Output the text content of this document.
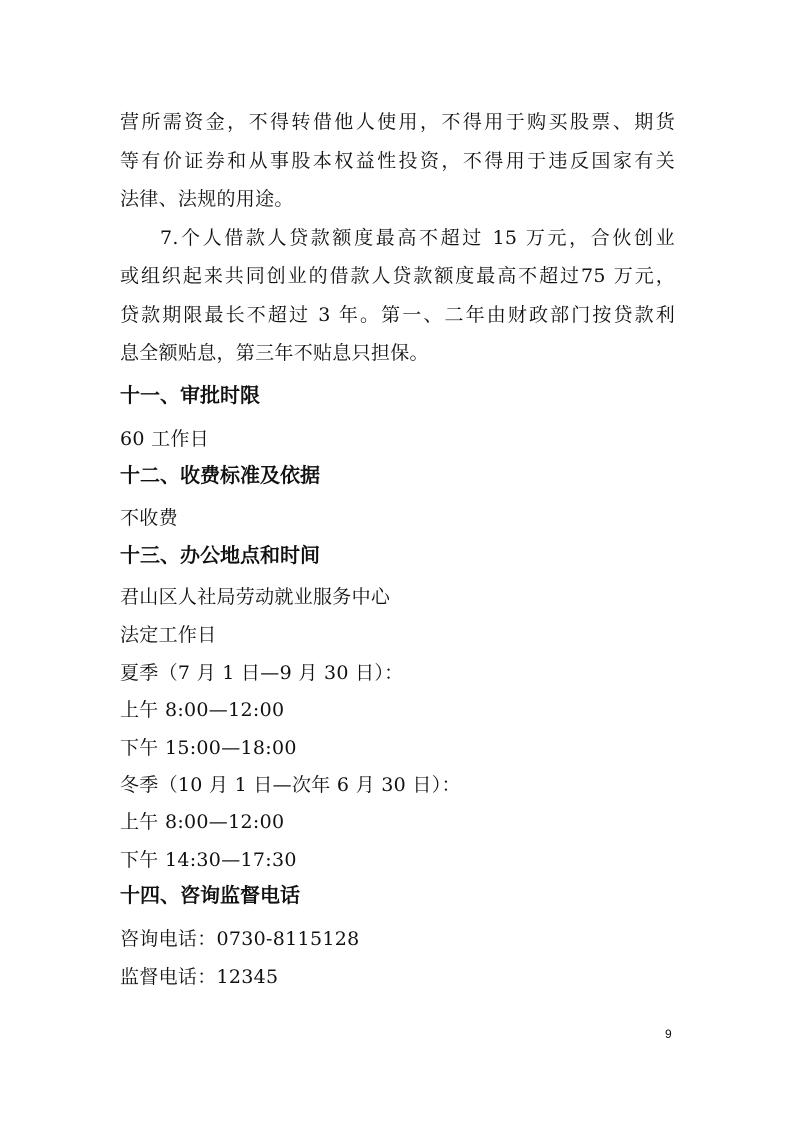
营所需资金，不得转借他人使用，不得用于购买股票、期货
等有价证券和从事股本权益性投资，不得用于违反国家有关
法律、法规的用途。
7.个人借款人贷款额度最高不超过 15 万元，合伙创业
或组织起来共同创业的借款人贷款额度最高不超过75 万元，
贷款期限最长不超过 3 年。第一、二年由财政部门按贷款利
息全额贴息，第三年不贴息只担保。
十一、审批时限
60 工作日
十二、收费标准及依据
不收费
十三、办公地点和时间
君山区人社局劳动就业服务中心
法定工作日
夏季（7 月 1 日—9 月 30 日）：
上午 8:00—12:00
下午 15:00—18:00
冬季（10 月 1 日—次年 6 月 30 日）：
上午 8:00—12:00
下午 14:30—17:30
十四、咨询监督电话
咨询电话：0730-8115128
监督电话：12345
9
